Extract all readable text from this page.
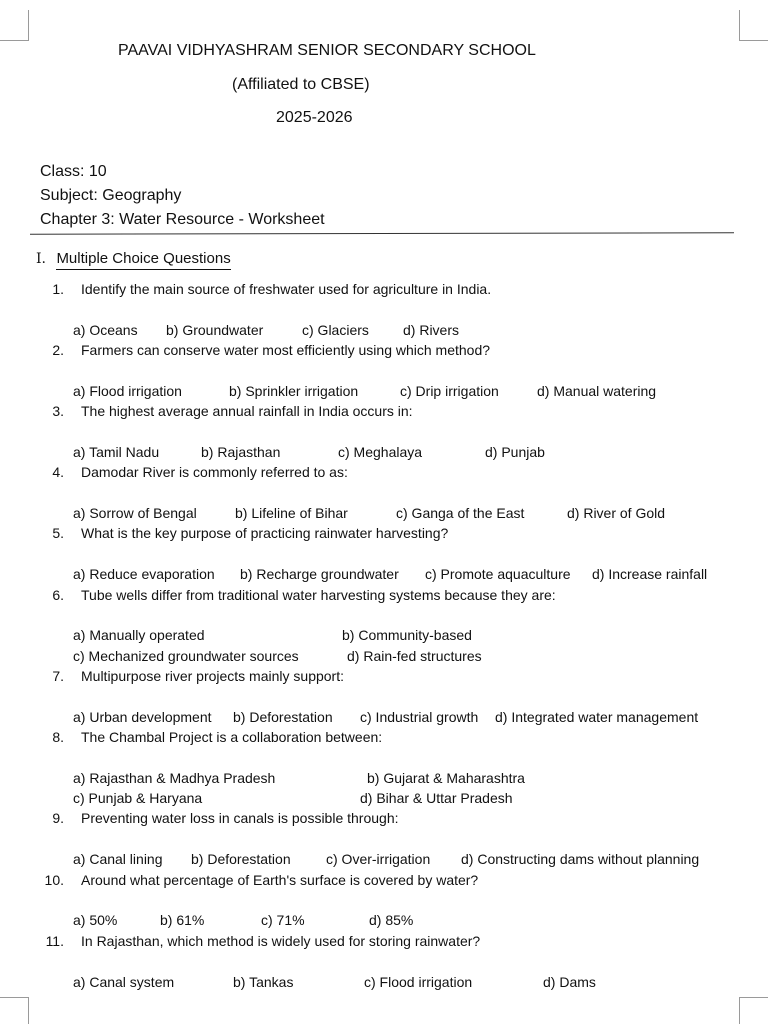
PAAVAI VIDHYASHRAM SENIOR SECONDARY SCHOOL
(Affiliated to CBSE)
2025-2026
Class: 10
Subject: Geography
Chapter 3: Water Resource - Worksheet
I. Multiple Choice Questions
1. Identify the main source of freshwater used for agriculture in India.
a) Oceans b) Groundwater	c) Glaciers d) Rivers
2. Farmers can conserve water most efficiently using which method?
a) Flood irrigation	b) Sprinkler irrigation	c) Drip irrigation	d) Manual watering
3. The highest average annual rainfall in India occurs in:
a) Tamil Nadu	b) Rajasthan	c) Meghalaya	d) Punjab
4. Damodar River is commonly referred to as:
a) Sorrow of Bengal	b) Lifeline of Bihar	c) Ganga of the East	d) River of Gold
5. What is the key purpose of practicing rainwater harvesting?
a) Reduce evaporation b) Recharge groundwater c) Promote aquaculture d) Increase rainfall
6. Tube wells differ from traditional water harvesting systems because they are:
a) Manually operated	b) Community-based
c) Mechanized groundwater sources	d) Rain-fed structures
7. Multipurpose river projects mainly support:
a) Urban development b) Deforestation c) Industrial growth d) Integrated water management
8. The Chambal Project is a collaboration between:
a) Rajasthan & Madhya Pradesh	b) Gujarat & Maharashtra
c) Punjab & Haryana	d) Bihar & Uttar Pradesh
9. Preventing water loss in canals is possible through:
a) Canal lining b) Deforestation	c) Over-irrigation d) Constructing dams without planning
10. Around what percentage of Earth's surface is covered by water?
a) 50%	b) 61%	c) 71%	d) 85%
11. In Rajasthan, which method is widely used for storing rainwater?
a) Canal system	b) Tankas	c) Flood irrigation	d) Dams
